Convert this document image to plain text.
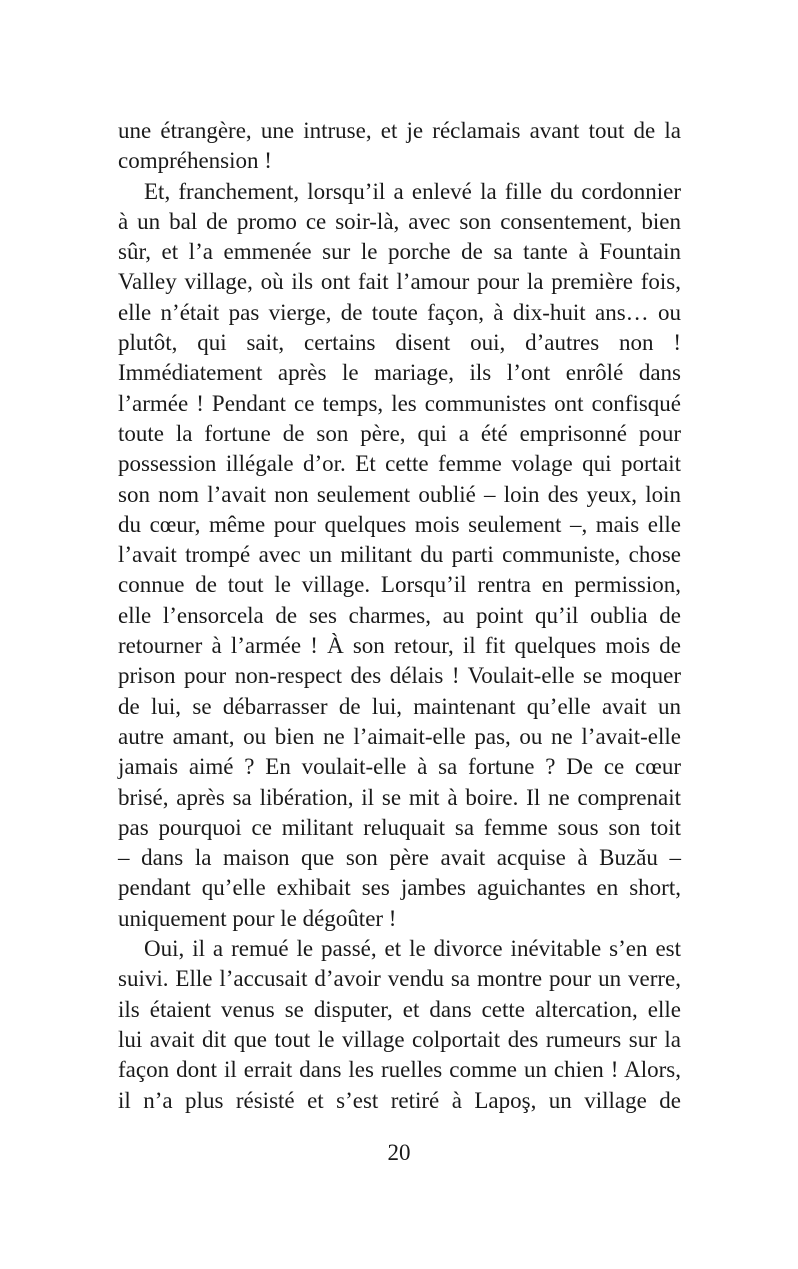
une étrangère, une intruse, et je réclamais avant tout de la
compréhension !
Et, franchement, lorsqu’il a enlevé la fille du cordonnier
à un bal de promo ce soir-là, avec son consentement, bien
sûr, et l’a emmenée sur le porche de sa tante à Fountain
Valley village, où ils ont fait l’amour pour la première fois,
elle n’était pas vierge, de toute façon, à dix-huit ans… ou
plutôt, qui sait, certains disent oui, d’autres non !
Immédiatement après le mariage, ils l’ont enrôlé dans
l’armée ! Pendant ce temps, les communistes ont confisqué
toute la fortune de son père, qui a été emprisonné pour
possession illégale d’or. Et cette femme volage qui portait
son nom l’avait non seulement oublié – loin des yeux, loin
du cœur, même pour quelques mois seulement –, mais elle
l’avait trompé avec un militant du parti communiste, chose
connue de tout le village. Lorsqu’il rentra en permission,
elle l’ensorcela de ses charmes, au point qu’il oublia de
retourner à l’armée ! À son retour, il fit quelques mois de
prison pour non-respect des délais ! Voulait-elle se moquer
de lui, se débarrasser de lui, maintenant qu’elle avait un
autre amant, ou bien ne l’aimait-elle pas, ou ne l’avait-elle
jamais aimé ? En voulait-elle à sa fortune ? De ce cœur
brisé, après sa libération, il se mit à boire. Il ne comprenait
pas pourquoi ce militant reluquait sa femme sous son toit
– dans la maison que son père avait acquise à Buzău –
pendant qu’elle exhibait ses jambes aguichantes en short,
uniquement pour le dégoûter !
Oui, il a remué le passé, et le divorce inévitable s’en est
suivi. Elle l’accusait d’avoir vendu sa montre pour un verre,
ils étaient venus se disputer, et dans cette altercation, elle
lui avait dit que tout le village colportait des rumeurs sur la
façon dont il errait dans les ruelles comme un chien ! Alors,
il n’a plus résisté et s’est retiré à Lapoş, un village de
20
